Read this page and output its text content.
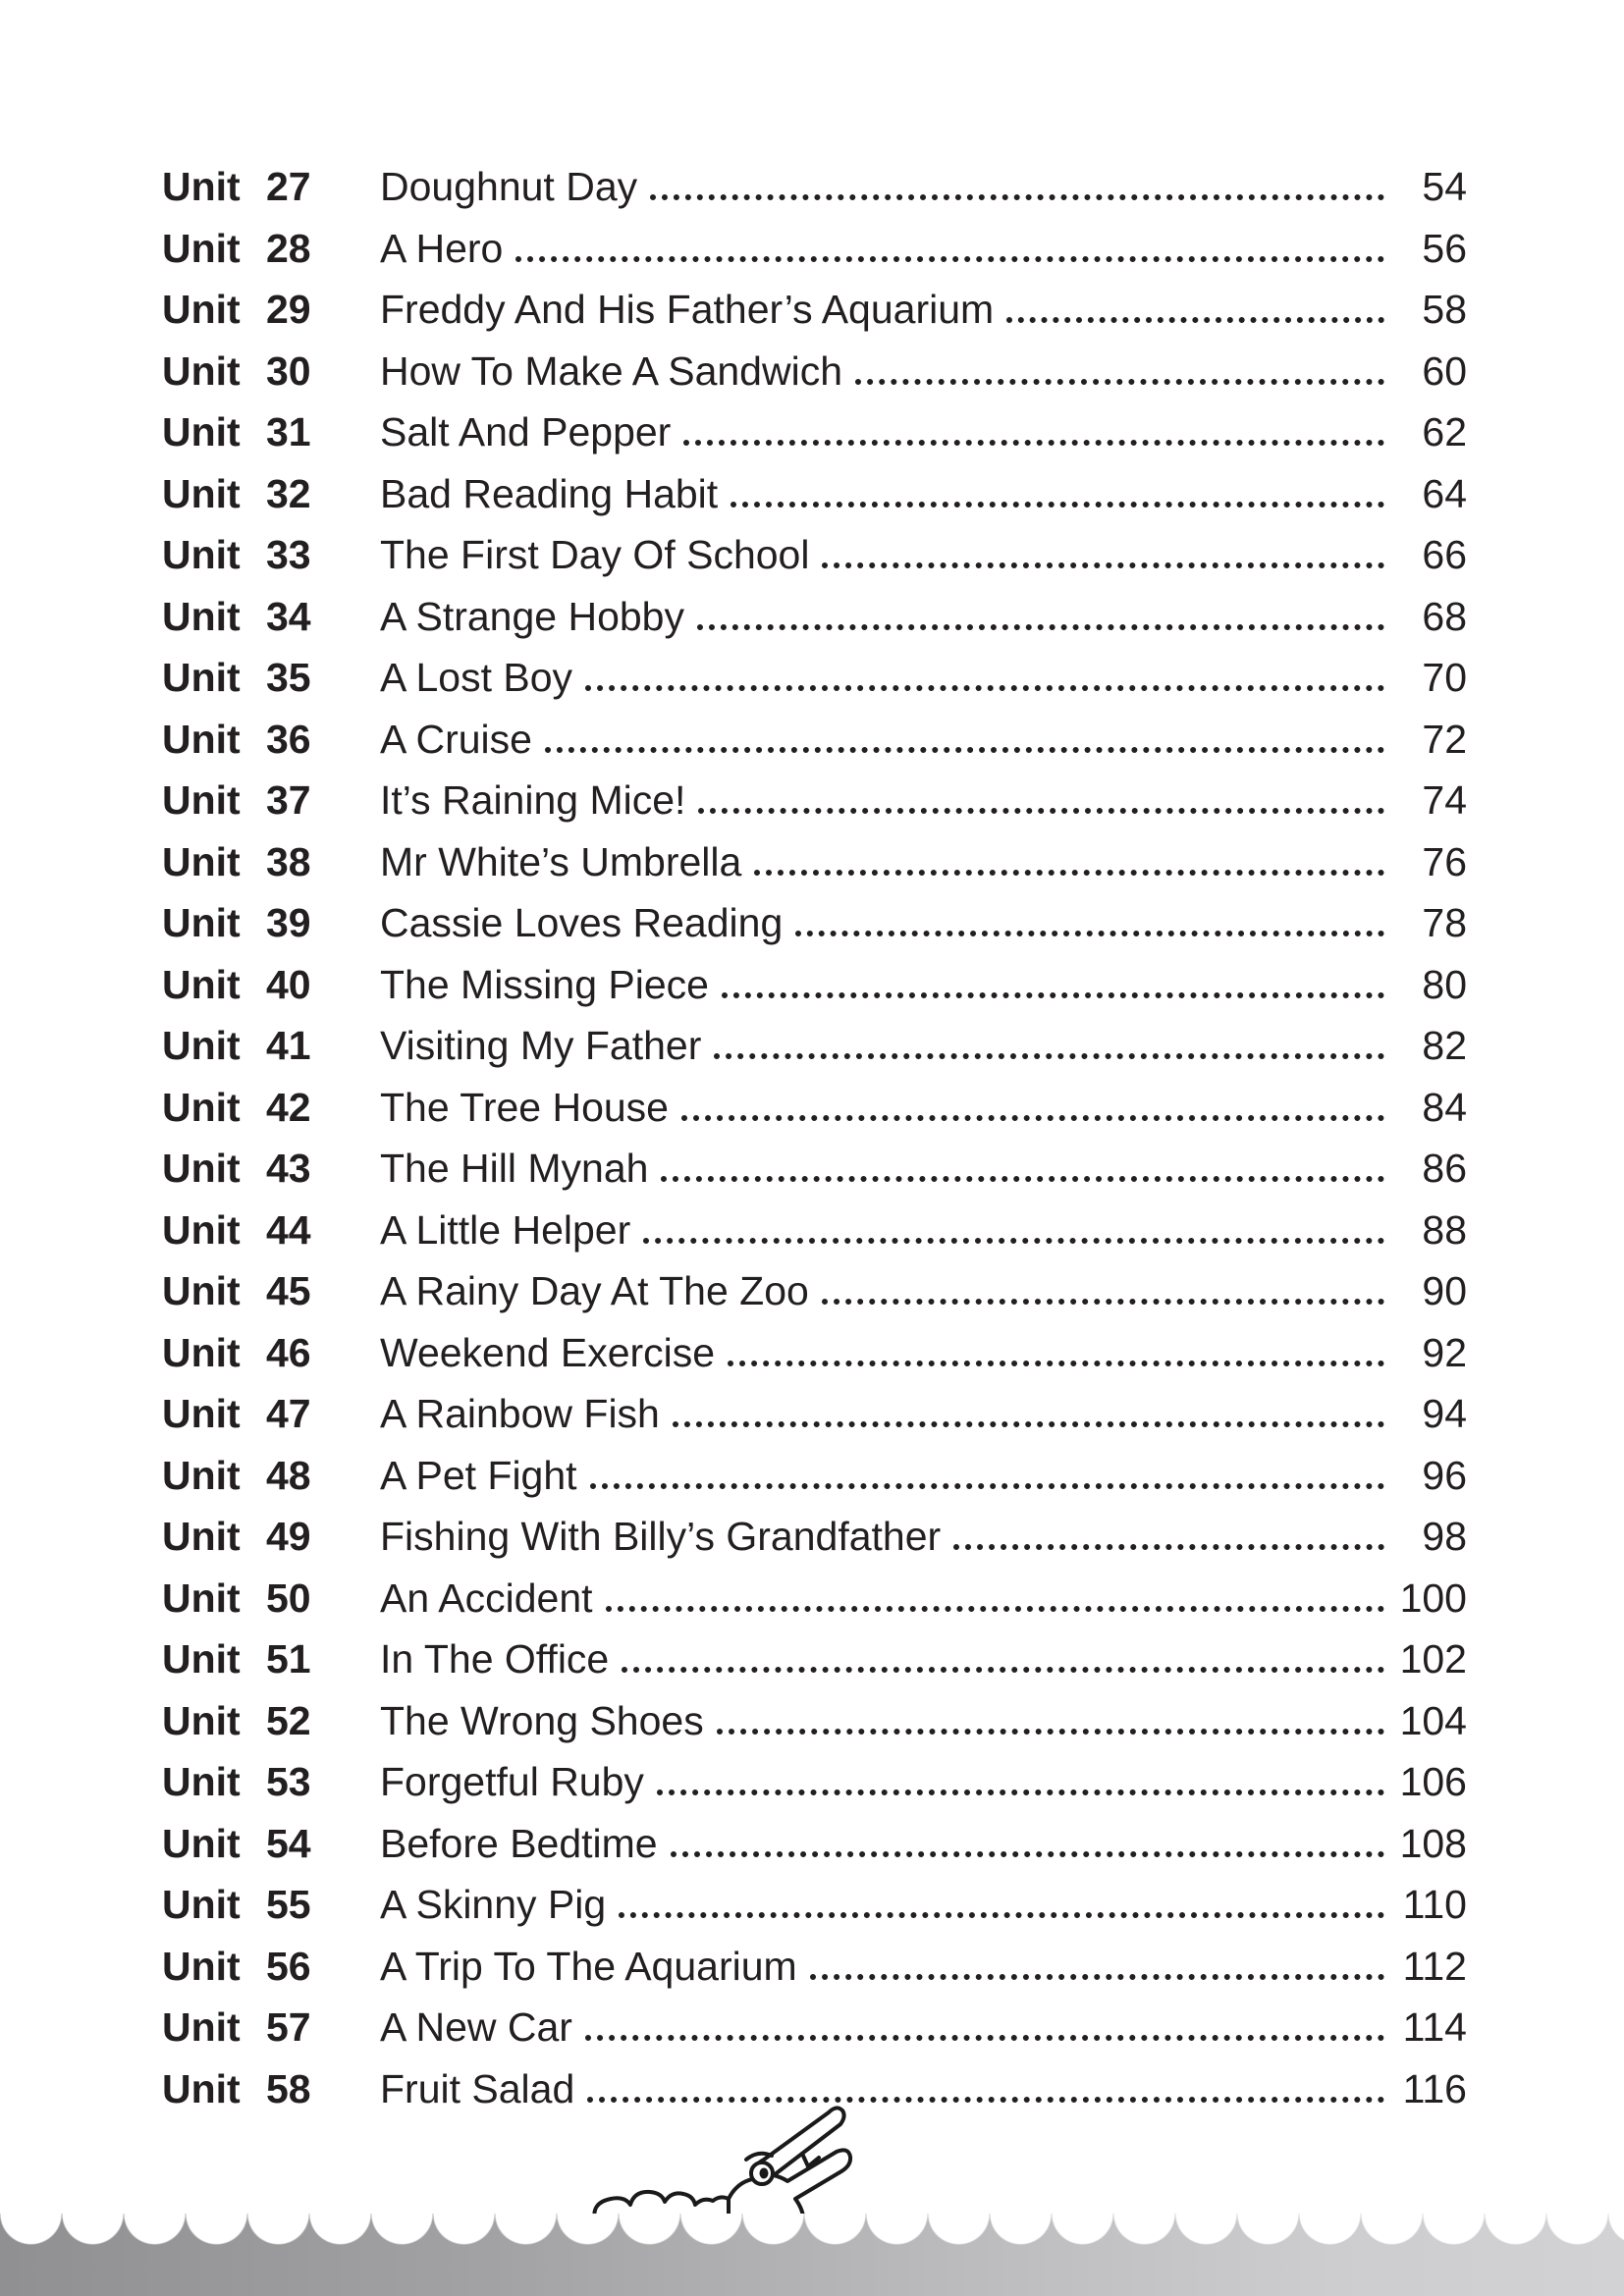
Unit 27	Doughnut Day	54
Unit 28	A Hero	56
Unit 29	Freddy And His Father’s Aquarium	58
Unit 30	How To Make A Sandwich	60
Unit 31	Salt And Pepper	62
Unit 32	Bad Reading Habit	64
Unit 33	The First Day Of School	66
Unit 34	A Strange Hobby	68
Unit 35	A Lost Boy	70
Unit 36	A Cruise	72
Unit 37	It’s Raining Mice!	74
Unit 38	Mr White’s Umbrella	76
Unit 39	Cassie Loves Reading	78
Unit 40	The Missing Piece	80
Unit 41	Visiting My Father	82
Unit 42	The Tree House	84
Unit 43	The Hill Mynah	86
Unit 44	A Little Helper	88
Unit 45	A Rainy Day At The Zoo	90
Unit 46	Weekend Exercise	92
Unit 47	A Rainbow Fish	94
Unit 48	A Pet Fight	96
Unit 49	Fishing With Billy’s Grandfather	98
Unit 50	An Accident	100
Unit 51	In The Office	102
Unit 52	The Wrong Shoes	104
Unit 53	Forgetful Ruby	106
Unit 54	Before Bedtime	108
Unit 55	A Skinny Pig	110
Unit 56	A Trip To The Aquarium	112
Unit 57	A New Car	114
Unit 58	Fruit Salad	116
